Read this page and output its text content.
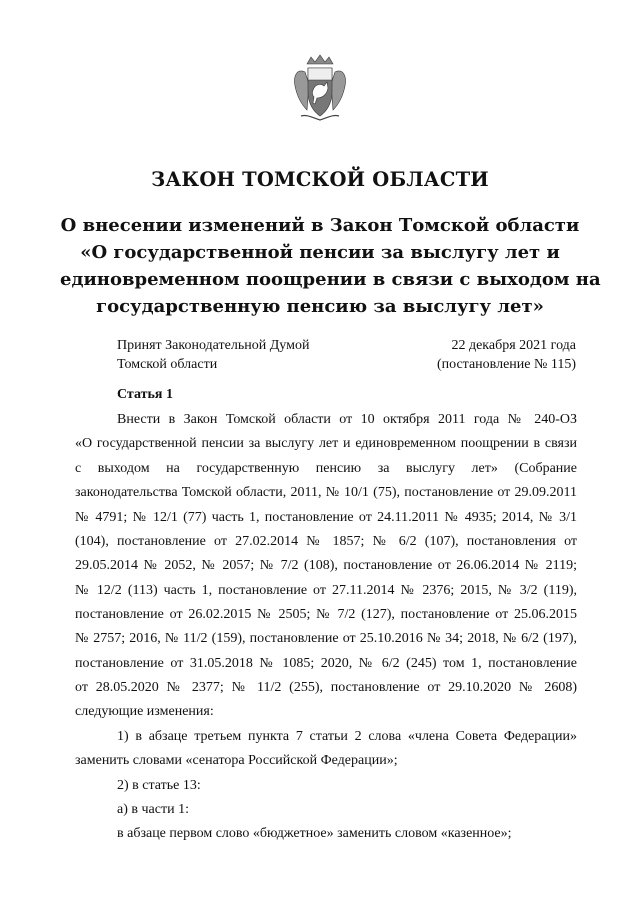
ЗАКОН ТОМСКОЙ ОБЛАСТИ
О внесении изменений в Закон Томской области
«О государственной пенсии за выслугу лет и
единовременном поощрении в связи с выходом на
государственную пенсию за выслугу лет»
Принят Законодательной Думой
Томской области
22 декабря 2021 года
(постановление № 115)
Статья 1
Внести в Закон Томской области от 10 октября 2011 года № 240-ОЗ
«О государственной пенсии за выслугу лет и единовременном поощрении в связи
с выходом на государственную пенсию за выслугу лет» (Собрание
законодательства Томской области, 2011, № 10/1 (75), постановление от 29.09.2011
№ 4791; № 12/1 (77) часть 1, постановление от 24.11.2011 № 4935; 2014, № 3/1
(104), постановление от 27.02.2014 № 1857; № 6/2 (107), постановления от
29.05.2014 № 2052, № 2057; № 7/2 (108), постановление от 26.06.2014 № 2119;
№ 12/2 (113) часть 1, постановление от 27.11.2014 № 2376; 2015, № 3/2 (119),
постановление от 26.02.2015 № 2505; № 7/2 (127), постановление от 25.06.2015
№ 2757; 2016, № 11/2 (159), постановление от 25.10.2016 № 34; 2018, № 6/2 (197),
постановление от 31.05.2018 № 1085; 2020, № 6/2 (245) том 1, постановление
от 28.05.2020 № 2377; № 11/2 (255), постановление от 29.10.2020 № 2608)
следующие изменения:
1) в абзаце третьем пункта 7 статьи 2 слова «члена Совета Федерации»
заменить словами «сенатора Российской Федерации»;
2) в статье 13:
а) в части 1:
в абзаце первом слово «бюджетное» заменить словом «казенное»;
